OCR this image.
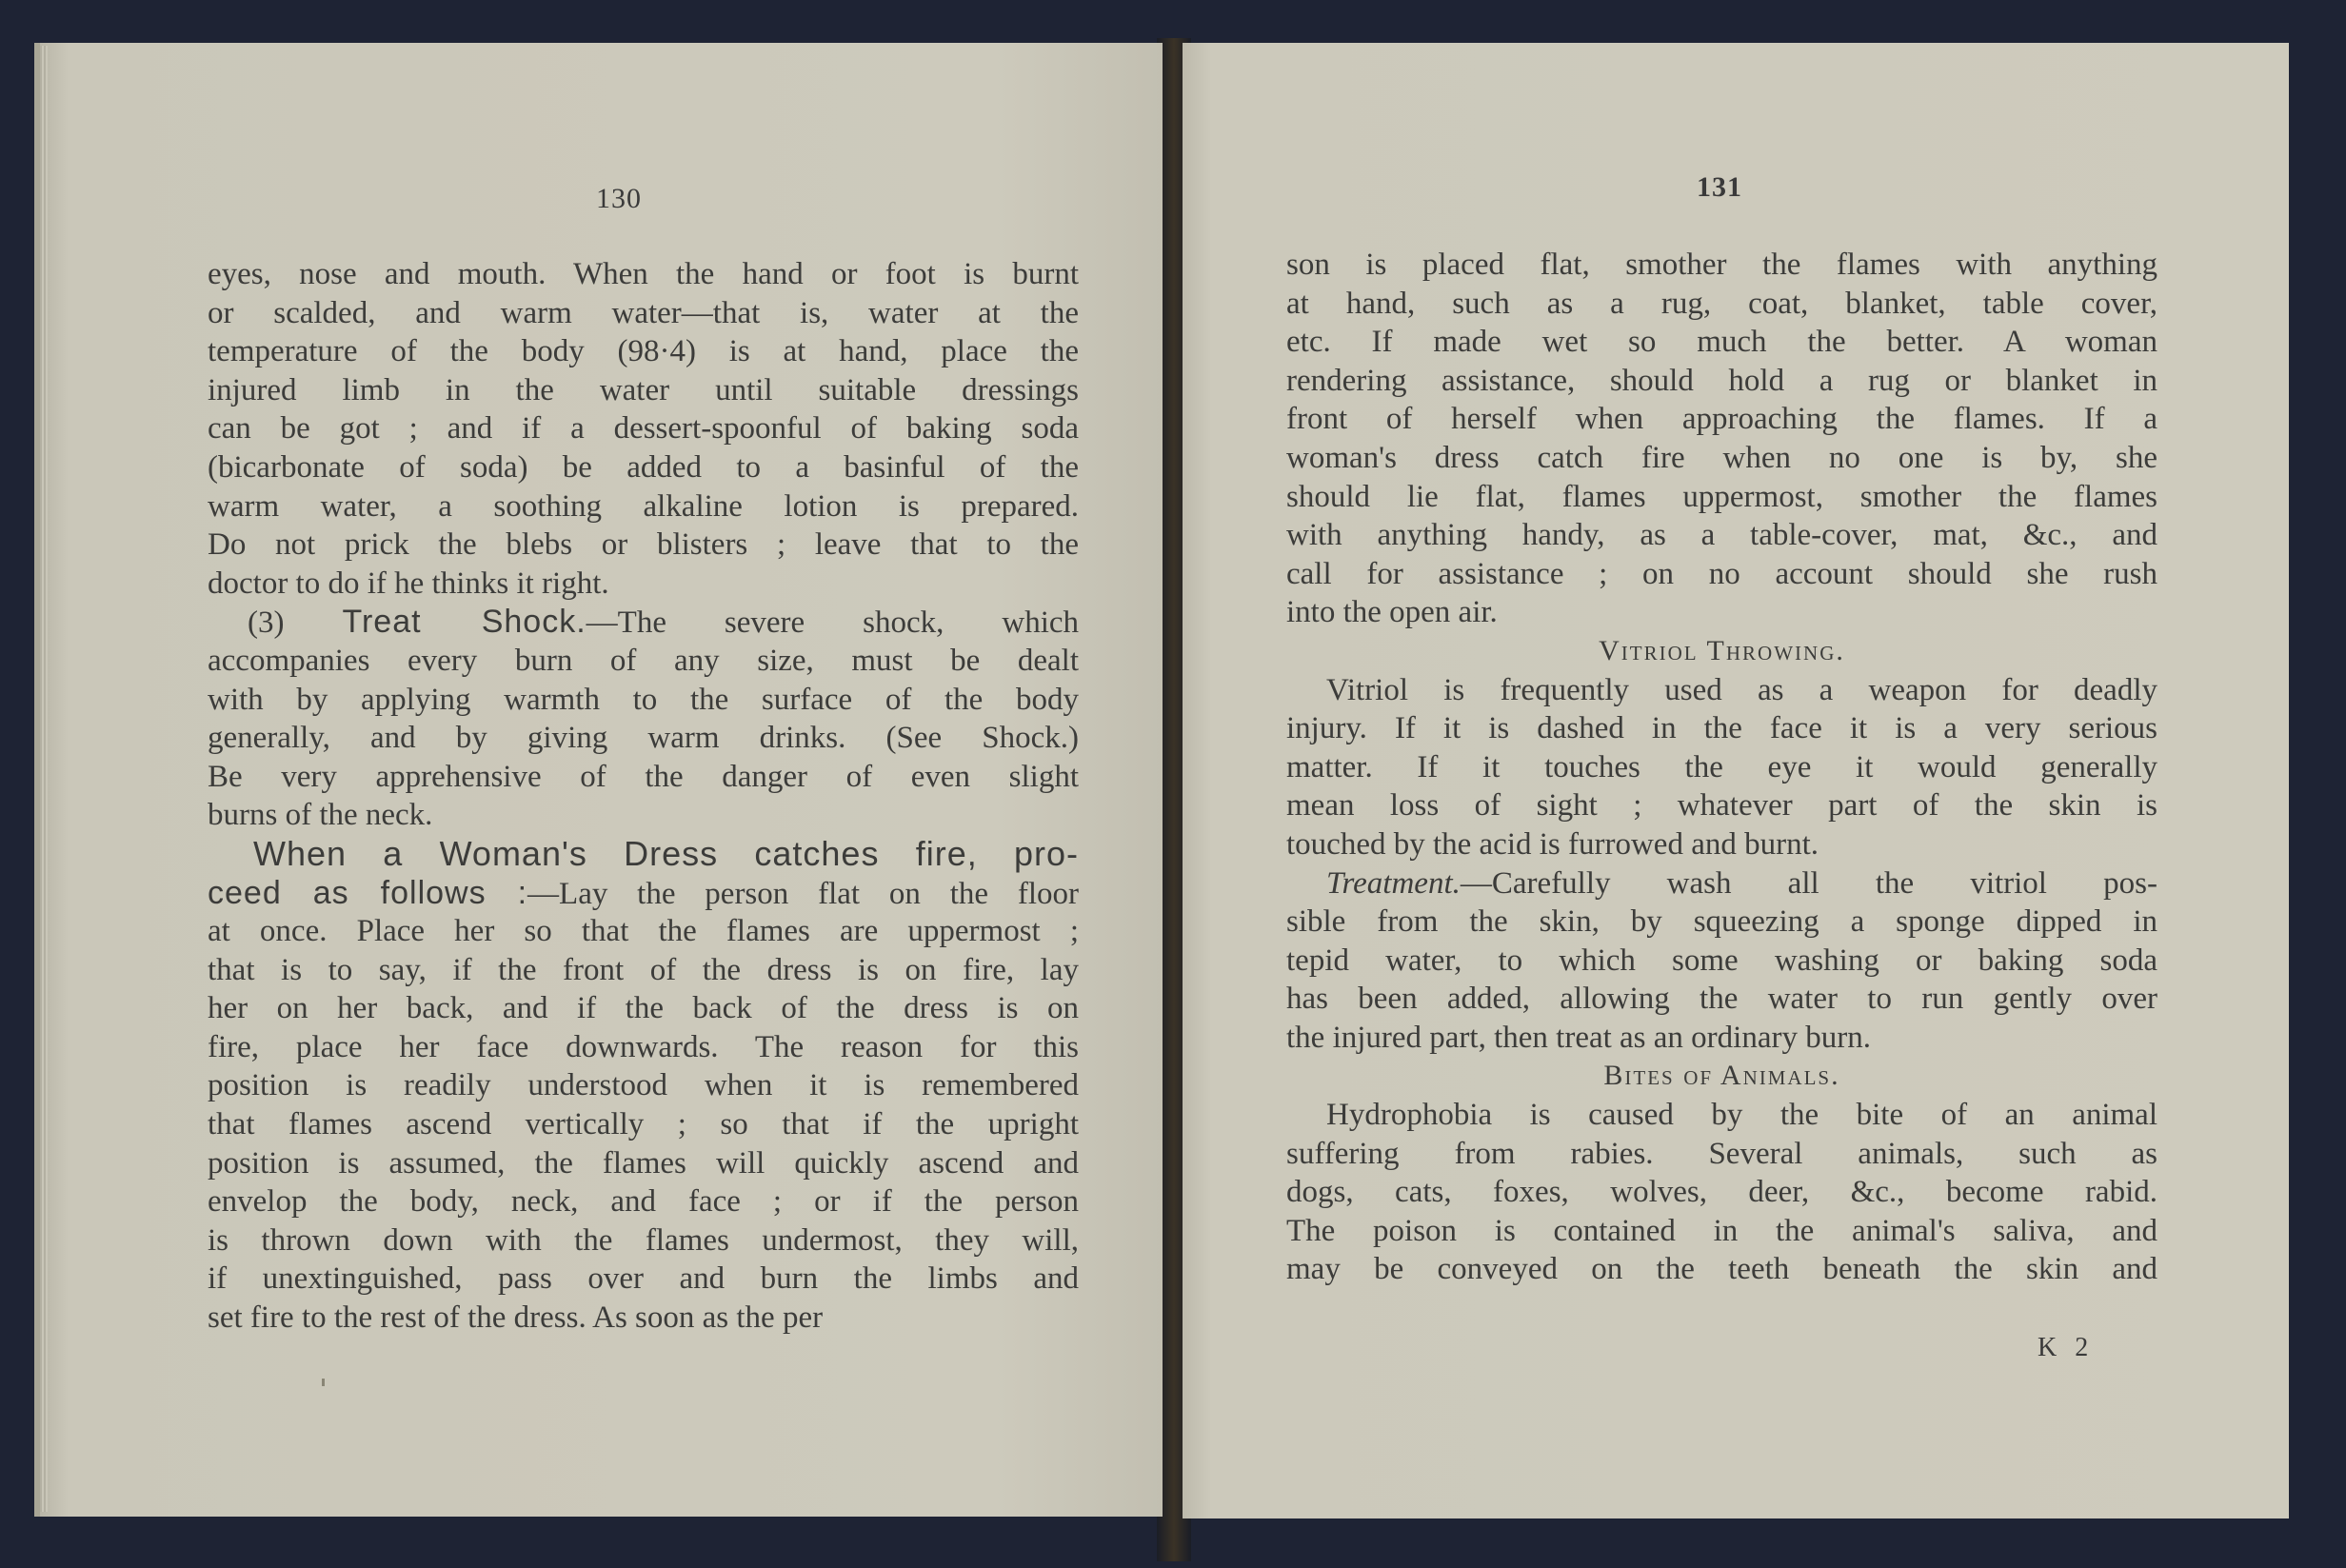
130
eyes, nose and mouth. When the hand or foot is burnt
or scalded, and warm water—that is, water at the
temperature of the body (98·4) is at hand, place the
injured limb in the water until suitable dressings
can be got ; and if a dessert-spoonful of baking soda
(bicarbonate of soda) be added to a basinful of the
warm water, a soothing alkaline lotion is prepared.
Do not prick the blebs or blisters ; leave that to the
doctor to do if he thinks it right.
(3) Treat Shock.—The severe shock, which
accompanies every burn of any size, must be dealt
with by applying warmth to the surface of the body
generally, and by giving warm drinks. (See Shock.)
Be very apprehensive of the danger of even slight
burns of the neck.
When a Woman's Dress catches fire, pro-
ceed as follows :—Lay the person flat on the floor
at once. Place her so that the flames are uppermost ;
that is to say, if the front of the dress is on fire, lay
her on her back, and if the back of the dress is on
fire, place her face downwards. The reason for this
position is readily understood when it is remembered
that flames ascend vertically ; so that if the upright
position is assumed, the flames will quickly ascend and
envelop the body, neck, and face ; or if the person
is thrown down with the flames undermost, they will,
if unextinguished, pass over and burn the limbs and
set fire to the rest of the dress. As soon as the per
131
son is placed flat, smother the flames with anything
at hand, such as a rug, coat, blanket, table cover,
etc. If made wet so much the better. A woman
rendering assistance, should hold a rug or blanket in
front of herself when approaching the flames. If a
woman's dress catch fire when no one is by, she
should lie flat, flames uppermost, smother the flames
with anything handy, as a table-cover, mat, &c., and
call for assistance ; on no account should she rush
into the open air.
Vitriol Throwing.
Vitriol is frequently used as a weapon for deadly
injury. If it is dashed in the face it is a very serious
matter. If it touches the eye it would generally
mean loss of sight ; whatever part of the skin is
touched by the acid is furrowed and burnt.
Treatment.—Carefully wash all the vitriol pos-
sible from the skin, by squeezing a sponge dipped in
tepid water, to which some washing or baking soda
has been added, allowing the water to run gently over
the injured part, then treat as an ordinary burn.
Bites of Animals.
Hydrophobia is caused by the bite of an animal
suffering from rabies. Several animals, such as
dogs, cats, foxes, wolves, deer, &c., become rabid.
The poison is contained in the animal's saliva, and
may be conveyed on the teeth beneath the skin and
K 2
